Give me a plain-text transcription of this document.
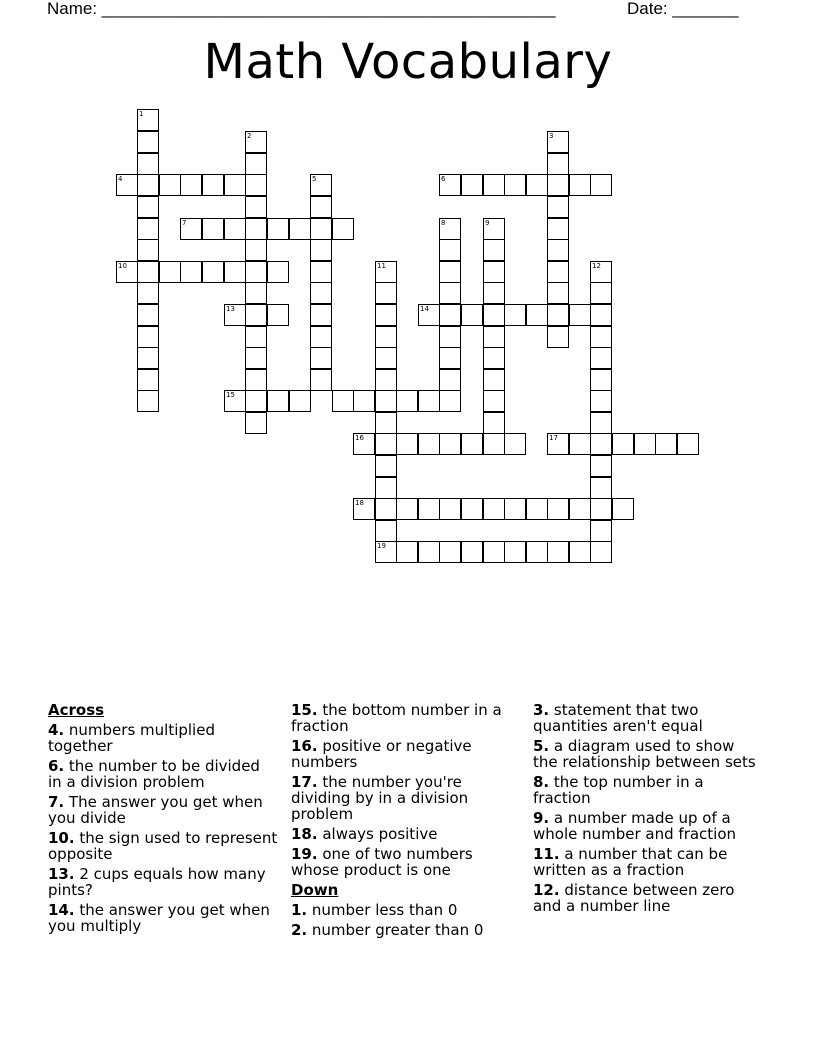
Name: ________________________________________________	Date: _______
Math Vocabulary
1
4
10
2
7
5
13
15
11
16
18
19
6
3
8	9
14
12
17
Across
4. numbers multiplied together
6. the number to be divided in a division problem
7. The answer you get when you divide
10. the sign used to represent opposite
13. 2 cups equals how many pints?
14. the answer you get when you multiply
15. the bottom number in a fraction
16. positive or negative numbers
17. the number you're dividing by in a division problem
18. always positive
19. one of two numbers whose product is one
Down
1. number less than 0
2. number greater than 0
3. statement that two quantities aren't equal
5. a diagram used to show the relationship between sets
8. the top number in a fraction
9. a number made up of a whole number and fraction
11. a number that can be written as a fraction
12. distance between zero and a number line
